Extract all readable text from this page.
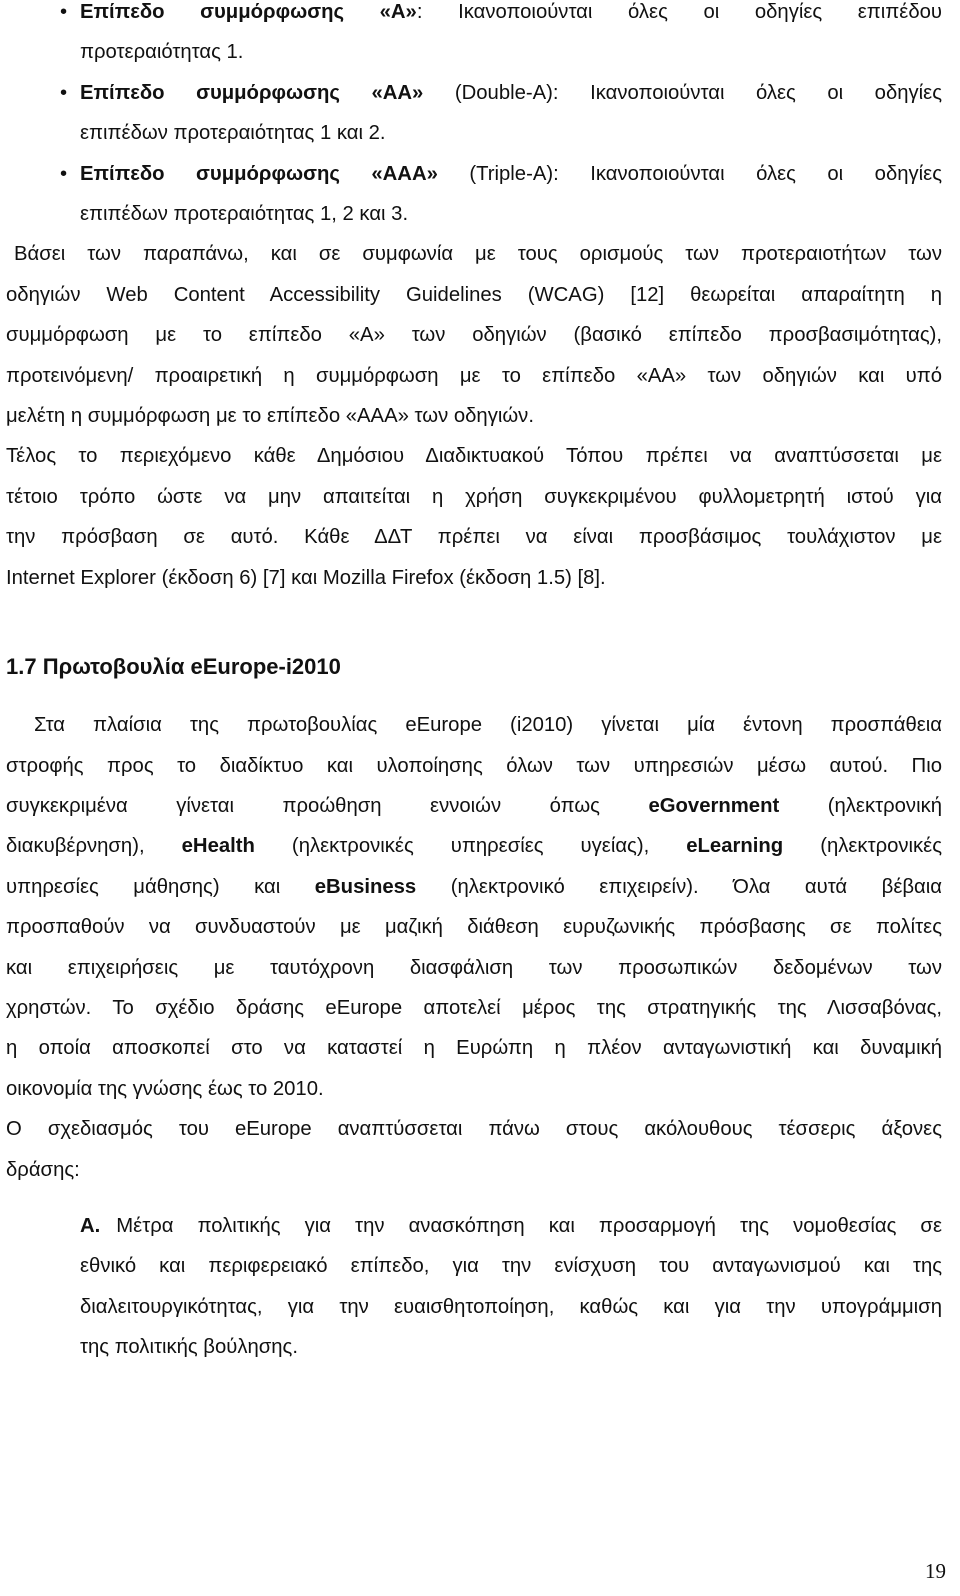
• Επίπεδο συμμόρφωσης «Α»: Ικανοποιούνται όλες οι οδηγίες επιπέδου
προτεραιότητας 1.
• Επίπεδο συμμόρφωσης «ΑΑ» (Double-A): Ικανοποιούνται όλες οι οδηγίες
επιπέδων προτεραιότητας 1 και 2.
• Επίπεδο συμμόρφωσης «ΑΑΑ» (Triple-A): Ικανοποιούνται όλες οι οδηγίες
επιπέδων προτεραιότητας 1, 2 και 3.
Βάσει των παραπάνω, και σε συμφωνία με τους ορισμούς των προτεραιοτήτων των
οδηγιών Web Content Accessibility Guidelines (WCAG) [12] θεωρείται απαραίτητη η
συμμόρφωση με το επίπεδο «Α» των οδηγιών (βασικό επίπεδο προσβασιμότητας),
προτεινόμενη/ προαιρετική η συμμόρφωση με το επίπεδο «ΑΑ» των οδηγιών και υπό
μελέτη η συμμόρφωση με το επίπεδο «ΑΑΑ» των οδηγιών.
Τέλος το περιεχόμενο κάθε Δημόσιου Διαδικτυακού Τόπου πρέπει να αναπτύσσεται με
τέτοιο τρόπο ώστε να μην απαιτείται η χρήση συγκεκριμένου φυλλομετρητή ιστού για
την πρόσβαση σε αυτό. Κάθε ΔΔΤ πρέπει να είναι προσβάσιμος τουλάχιστον με
Internet Explorer (έκδοση 6) [7] και Mozilla Firefox (έκδοση 1.5) [8].
1.7 Πρωτοβουλία eEurope-i2010
Στα πλαίσια της πρωτοβουλίας eEurope (i2010) γίνεται μία έντονη προσπάθεια
στροφής προς το διαδίκτυο και υλοποίησης όλων των υπηρεσιών μέσω αυτού. Πιο
συγκεκριμένα γίνεται προώθηση εννοιών όπως eGovernment (ηλεκτρονική
διακυβέρνηση), eHealth (ηλεκτρονικές υπηρεσίες υγείας), eLearning (ηλεκτρονικές
υπηρεσίες μάθησης) και eBusiness (ηλεκτρονικό επιχειρείν). Όλα αυτά βέβαια
προσπαθούν να συνδυαστούν με μαζική διάθεση ευρυζωνικής πρόσβασης σε πολίτες
και επιχειρήσεις με ταυτόχρονη διασφάλιση των προσωπικών δεδομένων των
χρηστών. Το σχέδιο δράσης eEurope αποτελεί μέρος της στρατηγικής της Λισσαβόνας,
η οποία αποσκοπεί στο να καταστεί η Ευρώπη η πλέον ανταγωνιστική και δυναμική
οικονομία της γνώσης έως το 2010.
Ο σχεδιασμός του eEurope αναπτύσσεται πάνω στους ακόλουθους τέσσερις άξονες
δράσης:
Α. Μέτρα πολιτικής για την ανασκόπηση και προσαρμογή της νομοθεσίας σε
εθνικό και περιφερειακό επίπεδο, για την ενίσχυση του ανταγωνισμού και της
διαλειτουργικότητας, για την ευαισθητοποίηση, καθώς και για την υπογράμμιση
της πολιτικής βούλησης.
19
